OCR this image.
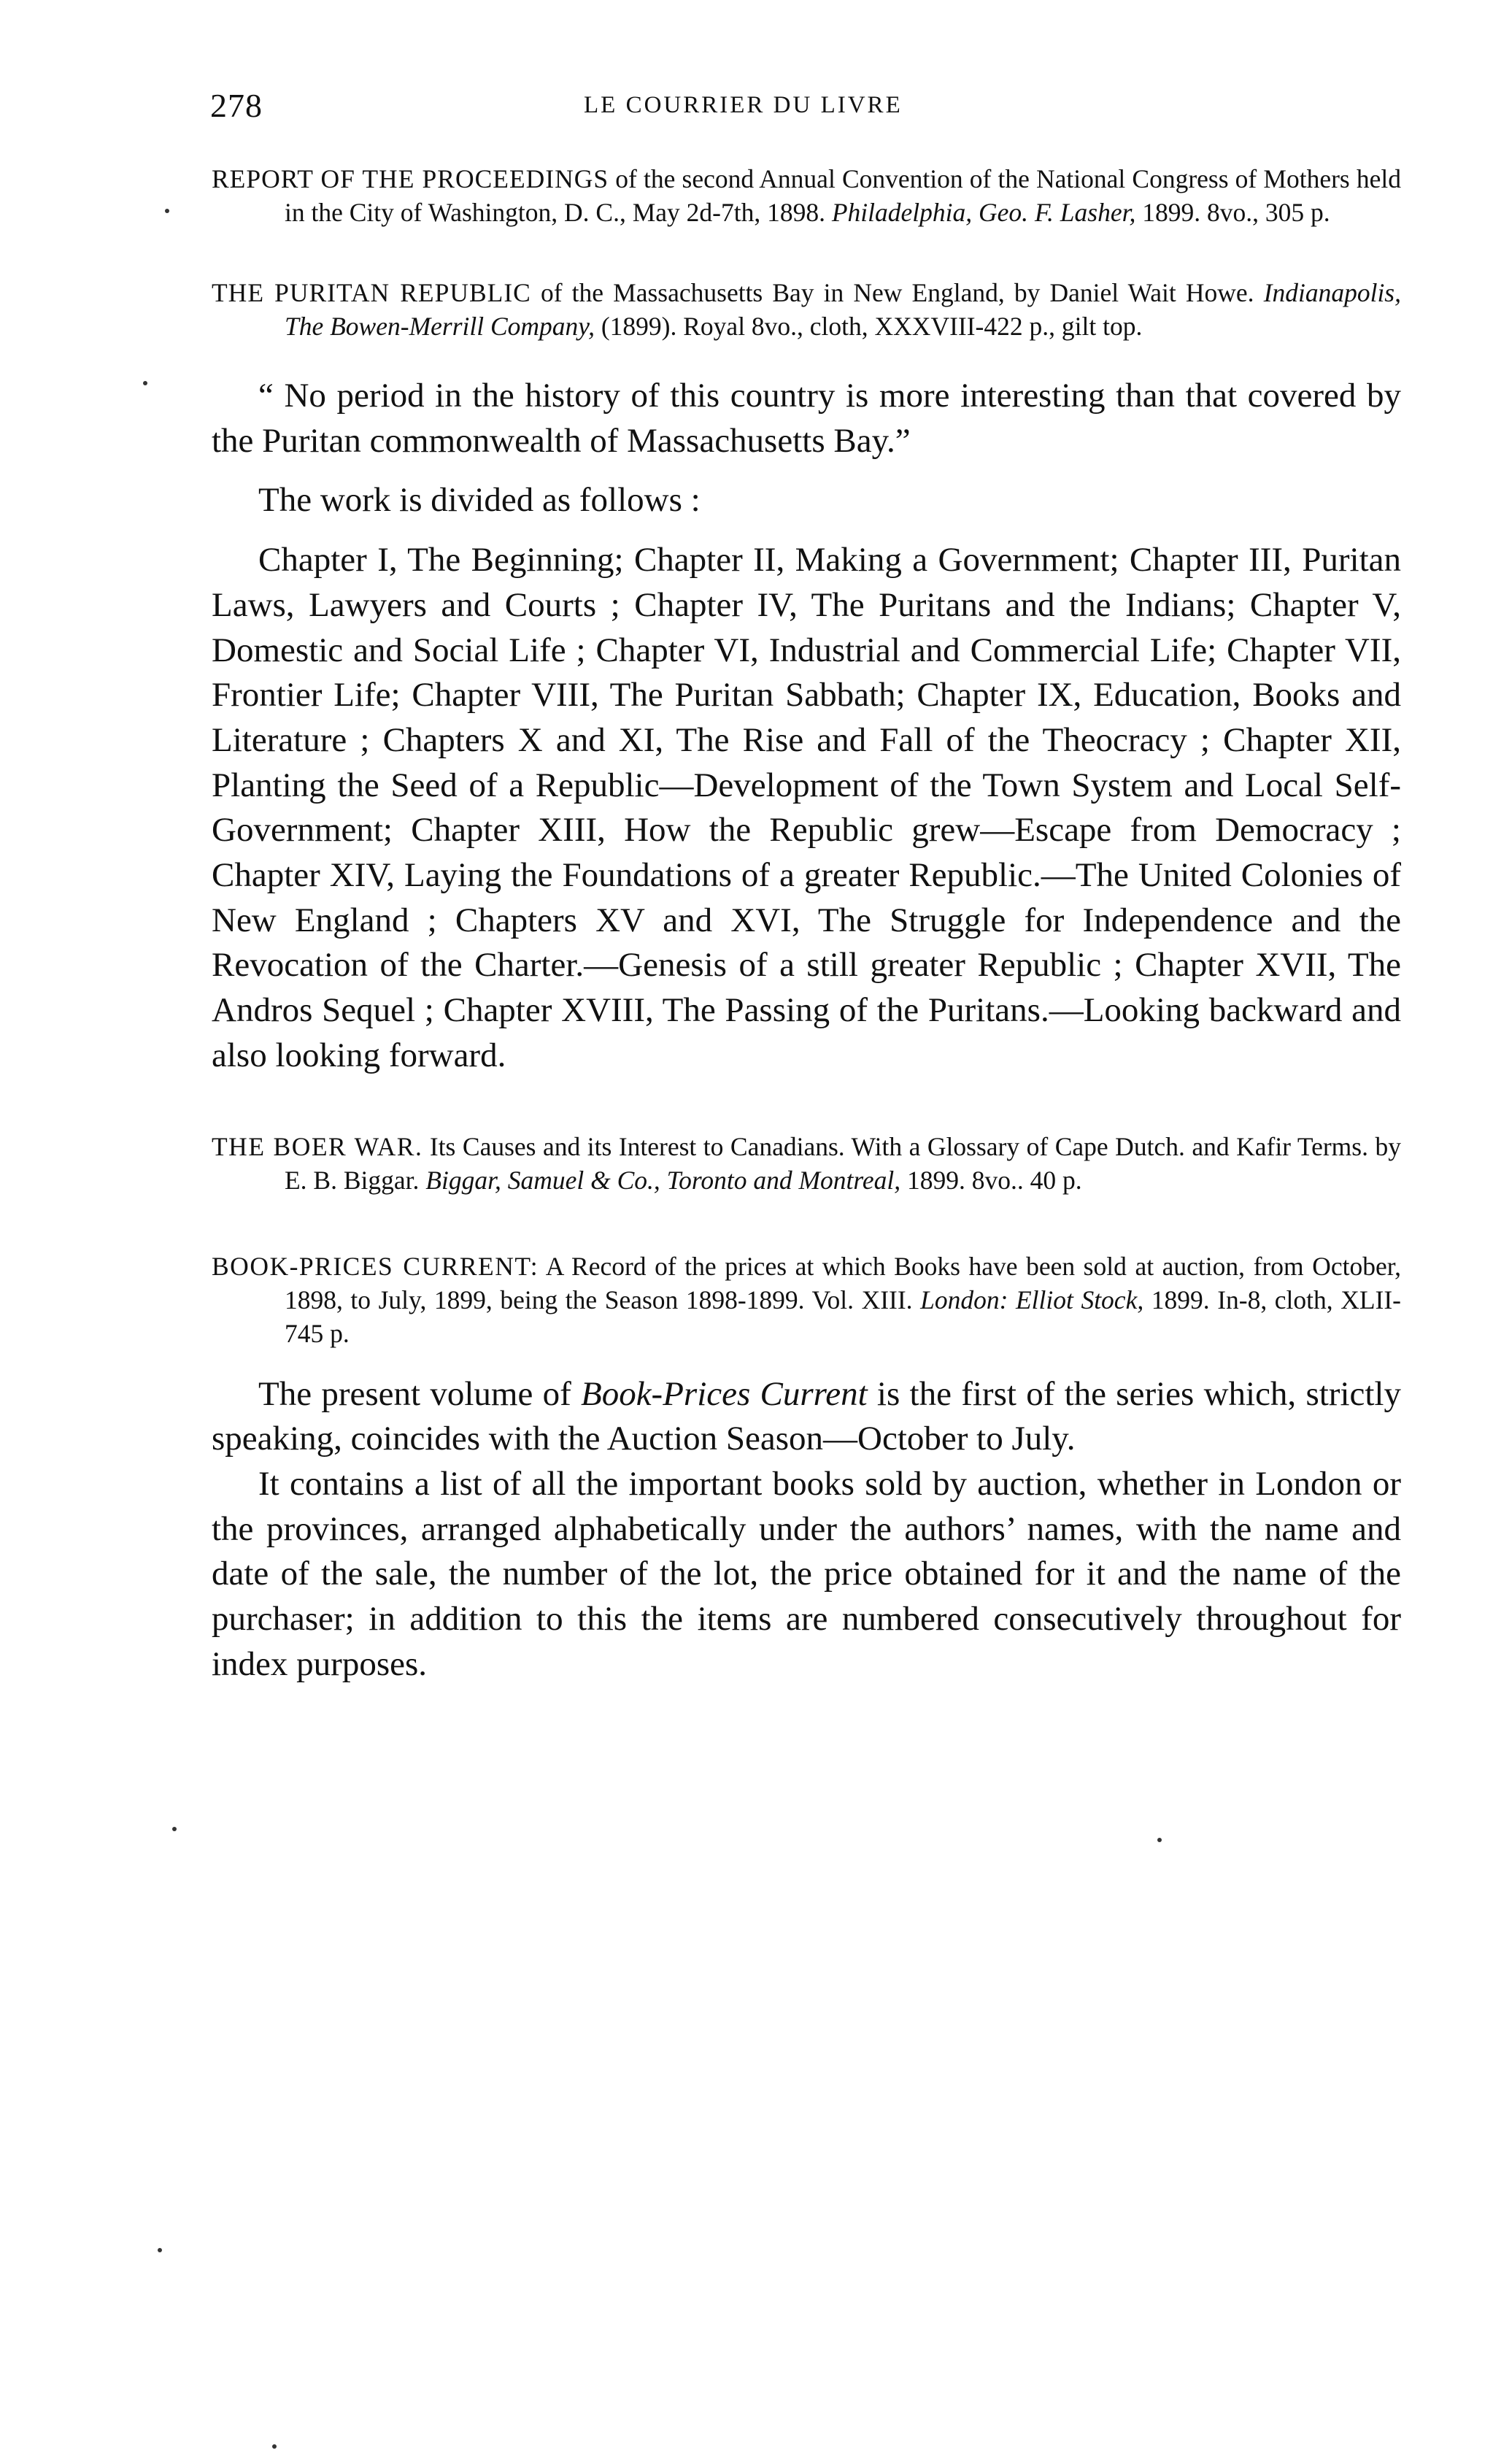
278	LE COURRIER DU LIVRE
REPORT OF THE PROCEEDINGS of the second Annual Convention of the National Congress of Mothers held in the City of Washington, D. C., May 2d-7th, 1898. Philadelphia, Geo. F. Lasher, 1899. 8vo., 305 p.
THE PURITAN REPUBLIC of the Massachusetts Bay in New England, by Daniel Wait Howe. Indianapolis, The Bowen-Merrill Company, (1899). Royal 8vo., cloth, XXXVIII-422 p., gilt top.

“ No period in the history of this country is more interesting than that covered by the Puritan commonwealth of Massachusetts Bay.”

The work is divided as follows :

Chapter I, The Beginning; Chapter II, Making a Government; Chapter III, Puritan Laws, Lawyers and Courts ; Chapter IV, The Puritans and the Indians; Chapter V, Domestic and Social Life ; Chapter VI, Industrial and Commercial Life; Chapter VII, Frontier Life; Chapter VIII, The Puritan Sabbath; Chapter IX, Education, Books and Literature ; Chapters X and XI, The Rise and Fall of the Theocracy ; Chapter XII, Planting the Seed of a Republic—Development of the Town System and Local Self-Government; Chapter XIII, How the Republic grew—Escape from Democracy ; Chapter XIV, Laying the Foundations of a greater Republic.—The United Colonies of New England ; Chapters XV and XVI, The Struggle for Independence and the Revocation of the Charter.—Genesis of a still greater Republic ; Chapter XVII, The Andros Sequel ; Chapter XVIII, The Passing of the Puritans.—Looking backward and also looking forward.

THE BOER WAR. Its Causes and its Interest to Canadians. With a Glossary of Cape Dutch. and Kafir Terms. by E. B. Biggar. Biggar, Samuel & Co., Toronto and Montreal, 1899. 8vo.. 40 p.
BOOK-PRICES CURRENT: A Record of the prices at which Books have been sold at auction, from October, 1898, to July, 1899, being the Season 1898-1899. Vol. XIII. London: Elliot Stock, 1899. In-8, cloth, XLII-745 p.

The present volume of Book-Prices Current is the first of the series which, strictly speaking, coincides with the Auction Season—October to July.

It contains a list of all the important books sold by auction, whether in London or the provinces, arranged alphabetically under the authors’ names, with the name and date of the sale, the number of the lot, the price obtained for it and the name of the purchaser; in addition to this the items are numbered consecutively throughout for index purposes.
